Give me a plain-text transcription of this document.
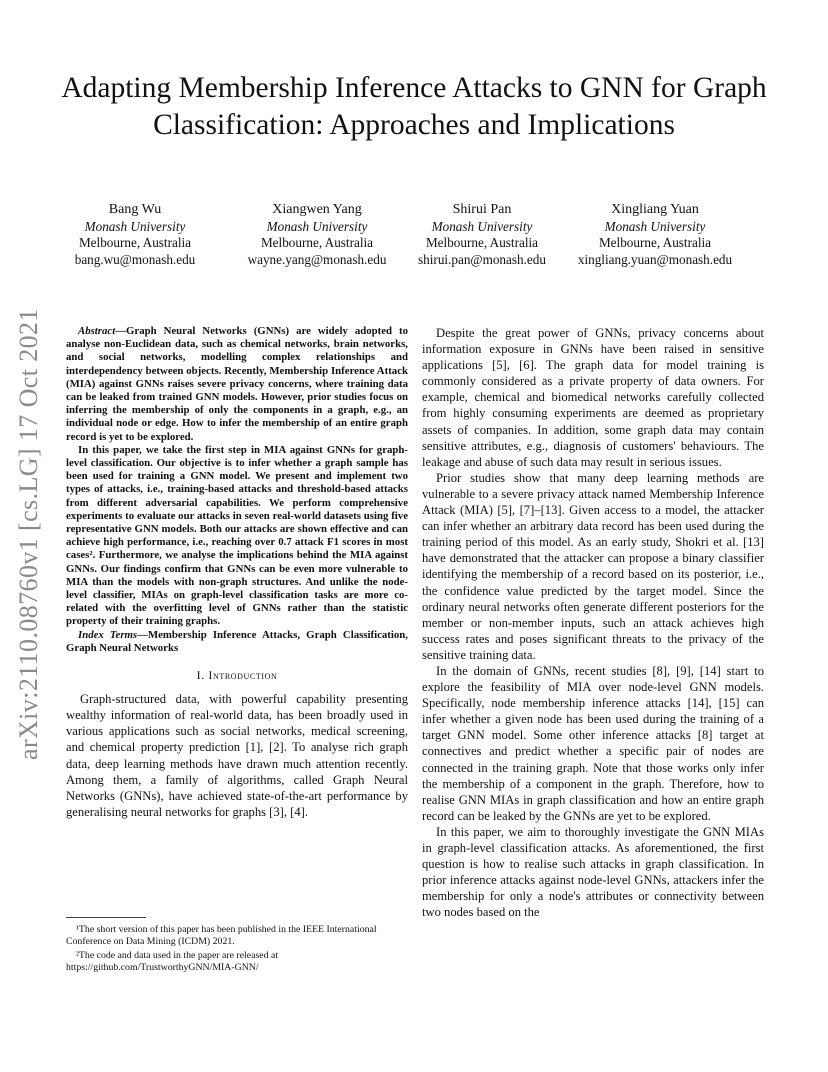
arXiv:2110.08760v1 [cs.LG] 17 Oct 2021
Adapting Membership Inference Attacks to GNN for Graph Classification: Approaches and Implications
Bang Wu
Monash University
Melbourne, Australia
bang.wu@monash.edu
Xiangwen Yang
Monash University
Melbourne, Australia
wayne.yang@monash.edu
Shirui Pan
Monash University
Melbourne, Australia
shirui.pan@monash.edu
Xingliang Yuan
Monash University
Melbourne, Australia
xingliang.yuan@monash.edu

Abstract—Graph Neural Networks (GNNs) are widely adopted to analyse non-Euclidean data, such as chemical networks, brain networks, and social networks, modelling complex relationships and interdependency between objects. Recently, Membership Inference Attack (MIA) against GNNs raises severe privacy concerns, where training data can be leaked from trained GNN models. However, prior studies focus on inferring the membership of only the components in a graph, e.g., an individual node or edge. How to infer the membership of an entire graph record is yet to be explored.

In this paper, we take the first step in MIA against GNNs for graph-level classification. Our objective is to infer whether a graph sample has been used for training a GNN model. We present and implement two types of attacks, i.e., training-based attacks and threshold-based attacks from different adversarial capabilities. We perform comprehensive experiments to evaluate our attacks in seven real-world datasets using five representative GNN models. Both our attacks are shown effective and can achieve high performance, i.e., reaching over 0.7 attack F1 scores in most cases². Furthermore, we analyse the implications behind the MIA against GNNs. Our findings confirm that GNNs can be even more vulnerable to MIA than the models with non-graph structures. And unlike the node-level classifier, MIAs on graph-level classification tasks are more co-related with the overfitting level of GNNs rather than the statistic property of their training graphs.

Index Terms—Membership Inference Attacks, Graph Classification, Graph Neural Networks

I. Introduction

Graph-structured data, with powerful capability presenting wealthy information of real-world data, has been broadly used in various applications such as social networks, medical screening, and chemical property prediction [1], [2]. To analyse rich graph data, deep learning methods have drawn much attention recently. Among them, a family of algorithms, called Graph Neural Networks (GNNs), have achieved state-of-the-art performance by generalising neural networks for graphs [3], [4].

¹The short version of this paper has been published in the IEEE International Conference on Data Mining (ICDM) 2021.

²The code and data used in the paper are released at https://github.com/TrustworthyGNN/MIA-GNN/

Despite the great power of GNNs, privacy concerns about information exposure in GNNs have been raised in sensitive applications [5], [6]. The graph data for model training is commonly considered as a private property of data owners. For example, chemical and biomedical networks carefully collected from highly consuming experiments are deemed as proprietary assets of companies. In addition, some graph data may contain sensitive attributes, e.g., diagnosis of customers' behaviours. The leakage and abuse of such data may result in serious issues.

Prior studies show that many deep learning methods are vulnerable to a severe privacy attack named Membership Inference Attack (MIA) [5], [7]–[13]. Given access to a model, the attacker can infer whether an arbitrary data record has been used during the training period of this model. As an early study, Shokri et al. [13] have demonstrated that the attacker can propose a binary classifier identifying the membership of a record based on its posterior, i.e., the confidence value predicted by the target model. Since the ordinary neural networks often generate different posteriors for the member or non-member inputs, such an attack achieves high success rates and poses significant threats to the privacy of the sensitive training data.

In the domain of GNNs, recent studies [8], [9], [14] start to explore the feasibility of MIA over node-level GNN models. Specifically, node membership inference attacks [14], [15] can infer whether a given node has been used during the training of a target GNN model. Some other inference attacks [8] target at connectives and predict whether a specific pair of nodes are connected in the training graph. Note that those works only infer the membership of a component in the graph. Therefore, how to realise GNN MIAs in graph classification and how an entire graph record can be leaked by the GNNs are yet to be explored.

In this paper, we aim to thoroughly investigate the GNN MIAs in graph-level classification attacks. As aforementioned, the first question is how to realise such attacks in graph classification. In prior inference attacks against node-level GNNs, attackers infer the membership for only a node's attributes or connectivity between two nodes based on the
